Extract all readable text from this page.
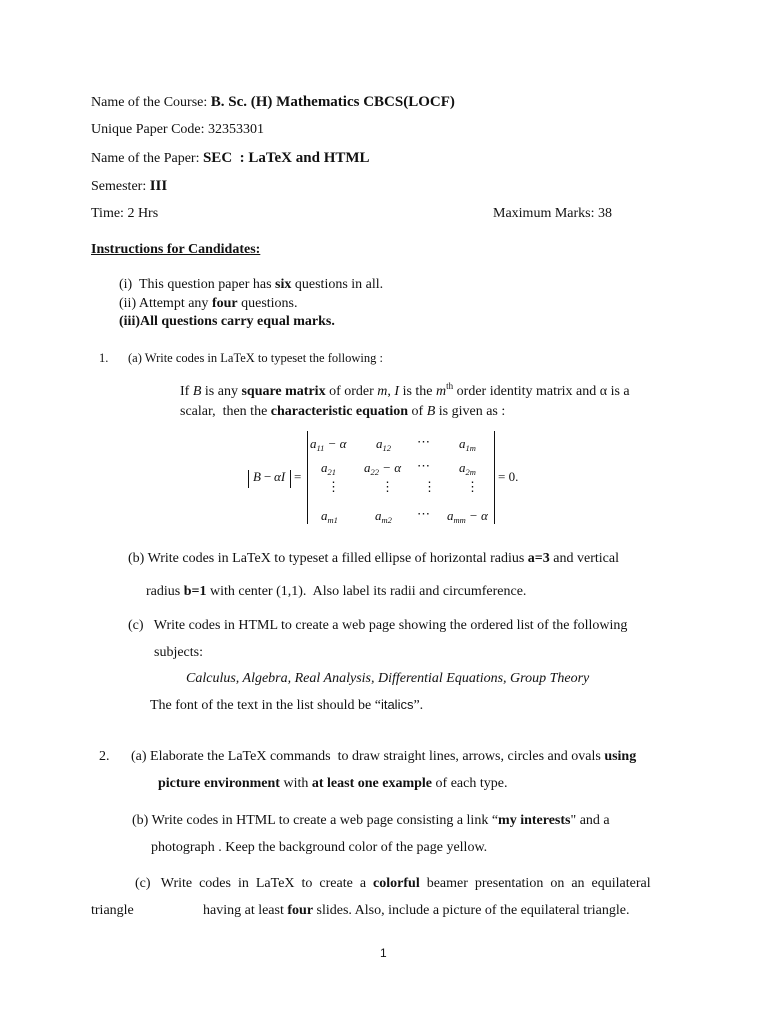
Name of the Course: B. Sc. (H) Mathematics CBCS(LOCF)
Unique Paper Code: 32353301
Name of the Paper: SEC  : LaTeX and HTML
Semester: III
Time: 2 Hrs	Maximum Marks: 38
Instructions for Candidates:
(i)  This question paper has six questions in all.
(ii) Attempt any four questions.
(iii)All questions carry equal marks.
1. (a) Write codes in LaTeX to typeset the following :
If B is any square matrix of order m, I is the $m^{th}$ order identity matrix and α is a
scalar,  then the characteristic equation of B is given as :
B − αI =
$a_{11} - \alpha$ $a_{12}$ ⋯ $a_{1m}$
$a_{21}$ $a_{22} - \alpha$ ⋯ $a_{2m}$
⋮	⋮ ⋮ ⋮
$a_{m1}$	$a_{m2}$ ⋯ $a_{mm} - \alpha$
= 0.
(b) Write codes in LaTeX to typeset a filled ellipse of horizontal radius a=3 and vertical
radius b=1 with center (1,1).  Also label its radii and circumference.
(c)   Write codes in HTML to create a web page showing the ordered list of the following
subjects:
Calculus, Algebra, Real Analysis, Differential Equations, Group Theory
The font of the text in the list should be “italics”.
2. (a) Elaborate the LaTeX commands  to draw straight lines, arrows, circles and ovals using
picture environment with at least one example of each type.
(b) Write codes in HTML to create a web page consisting a link “my interests" and a
photograph . Keep the background color of the page yellow.
(c)   Write  codes  in  LaTeX  to  create  a  colorful  beamer  presentation  on  an  equilateral
triangle	having at least four slides. Also, include a picture of the equilateral triangle.
1
